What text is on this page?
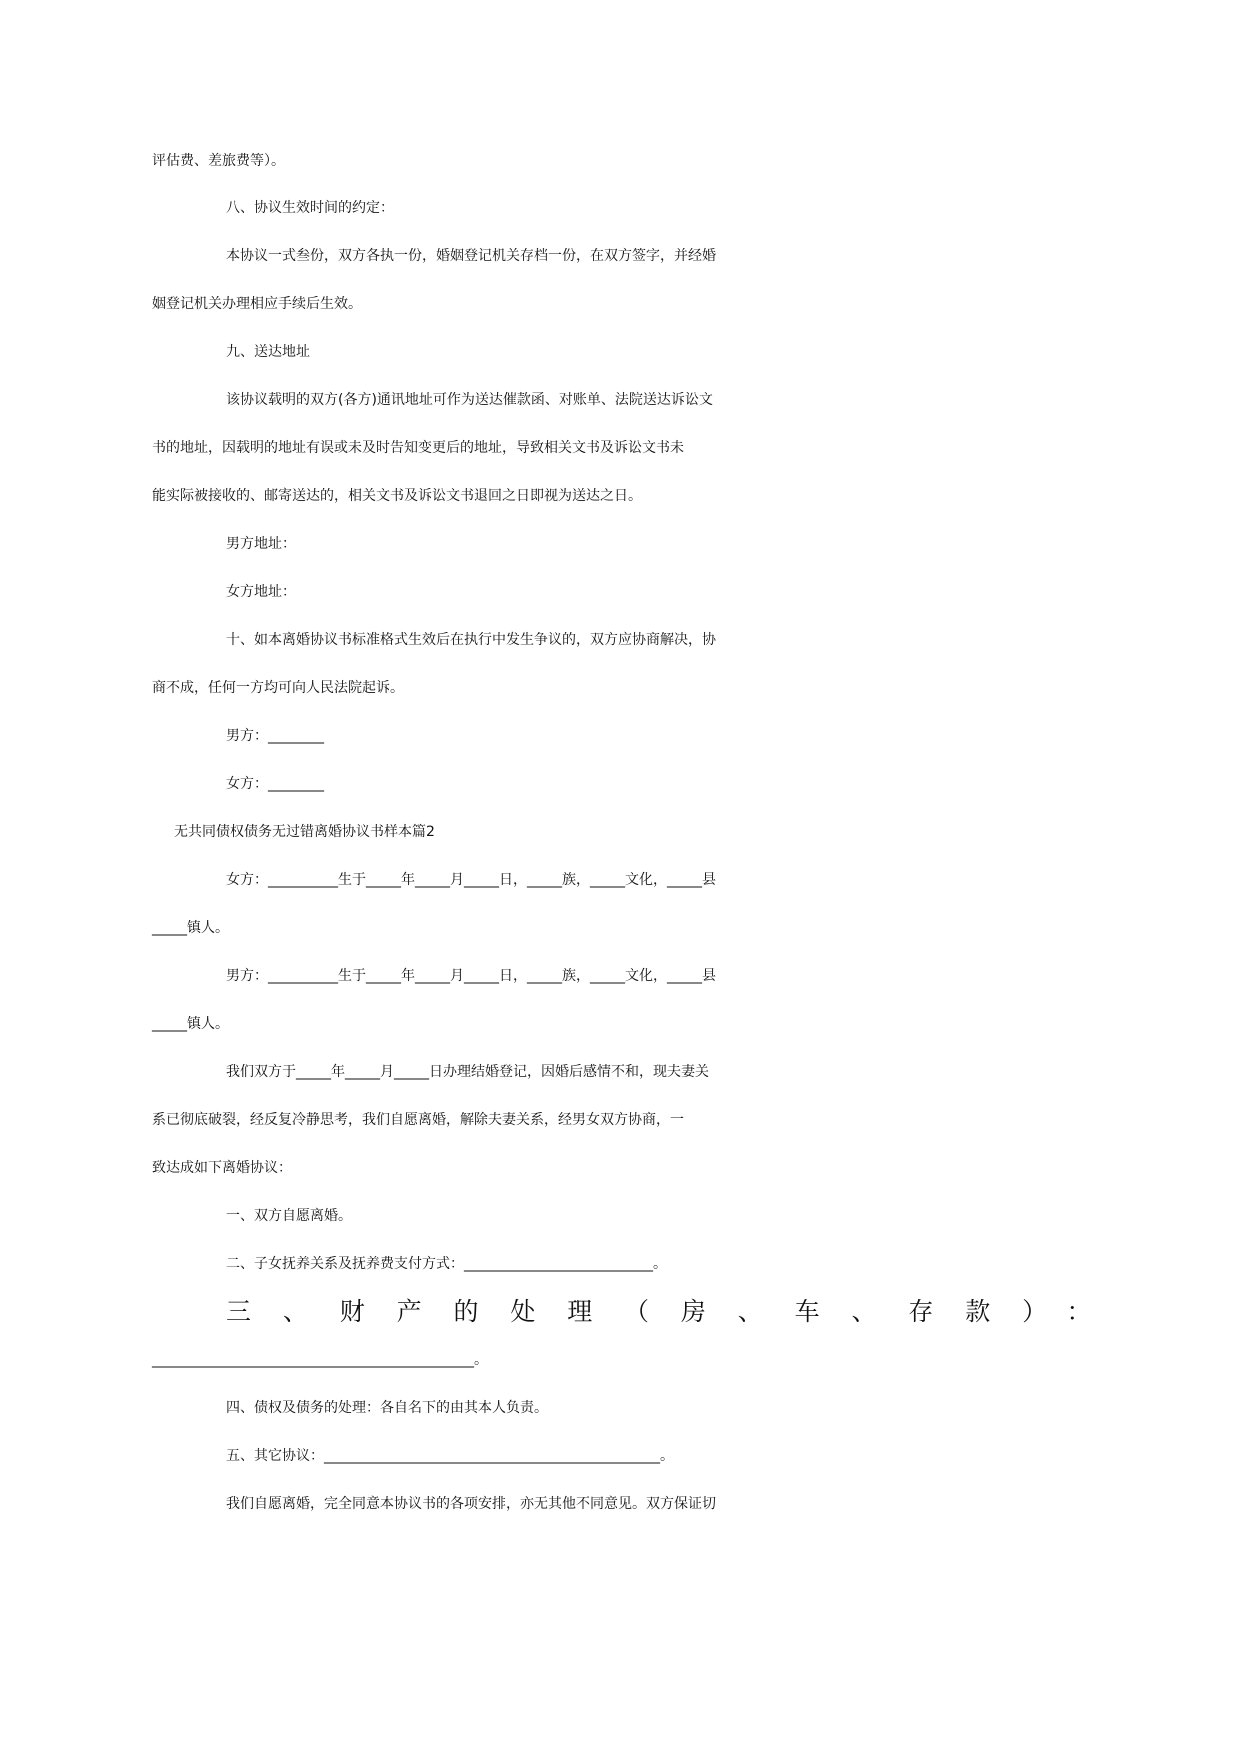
评估费、差旅费等）。

八、协议生效时间的约定：

本协议一式叁份，双方各执一份，婚姻登记机关存档一份，在双方签字，并经婚

姻登记机关办理相应手续后生效。

九、送达地址

该协议载明的双方(各方)通讯地址可作为送达催款函、对账单、法院送达诉讼文

书的地址，因载明的地址有误或未及时告知变更后的地址，导致相关文书及诉讼文书未

能实际被接收的、邮寄送达的，相关文书及诉讼文书退回之日即视为送达之日。

男方地址：

女方地址：

十、如本离婚协议书标准格式生效后在执行中发生争议的，双方应协商解决，协

商不成，任何一方均可向人民法院起诉。

男方：________

女方：________

无共同债权债务无过错离婚协议书样本篇2

女方：__________生于_____年_____月_____日，_____族，_____文化，_____县

_____镇人。

男方：__________生于_____年_____月_____日，_____族，_____文化，_____县

_____镇人。

我们双方于_____年_____月_____日办理结婚登记，因婚后感情不和，现夫妻关

系已彻底破裂，经反复冷静思考，我们自愿离婚，解除夫妻关系，经男女双方协商，一

致达成如下离婚协议：

一、双方自愿离婚。

二、子女抚养关系及抚养费支付方式：___________________________。

三、财产的处理（房、车、存款）：

______________________________________________。

四、债权及债务的处理：各自名下的由其本人负责。

五、其它协议：________________________________________________。

我们自愿离婚，完全同意本协议书的各项安排，亦无其他不同意见。双方保证切
